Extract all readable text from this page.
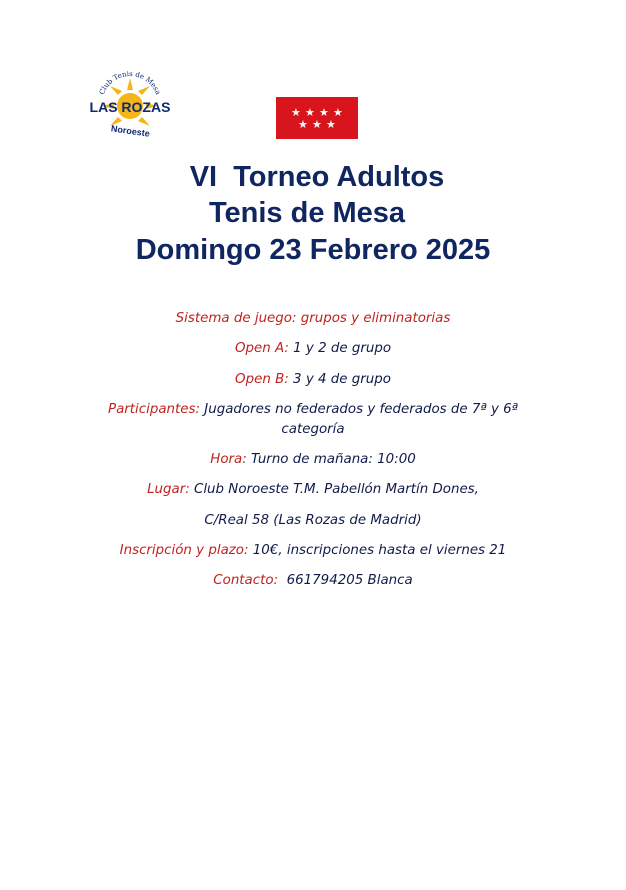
Club Tenis de Mesa
LAS ROZAS
Noroeste
★ ★ ★ ★
★ ★ ★
VI  Torneo Adultos
Tenis de Mesa
Domingo 23 Febrero 2025
Sistema de juego: grupos y eliminatorias
Open A: 1 y 2 de grupo
Open B: 3 y 4 de grupo
Participantes: Jugadores no federados y federados de 7ª y 6ª
categoría
Hora: Turno de mañana: 10:00
Lugar: Club Noroeste T.M. Pabellón Martín Dones,
C/Real 58 (Las Rozas de Madrid)
Inscripción y plazo: 10€, inscripciones hasta el viernes 21
Contacto:  661794205 Blanca
